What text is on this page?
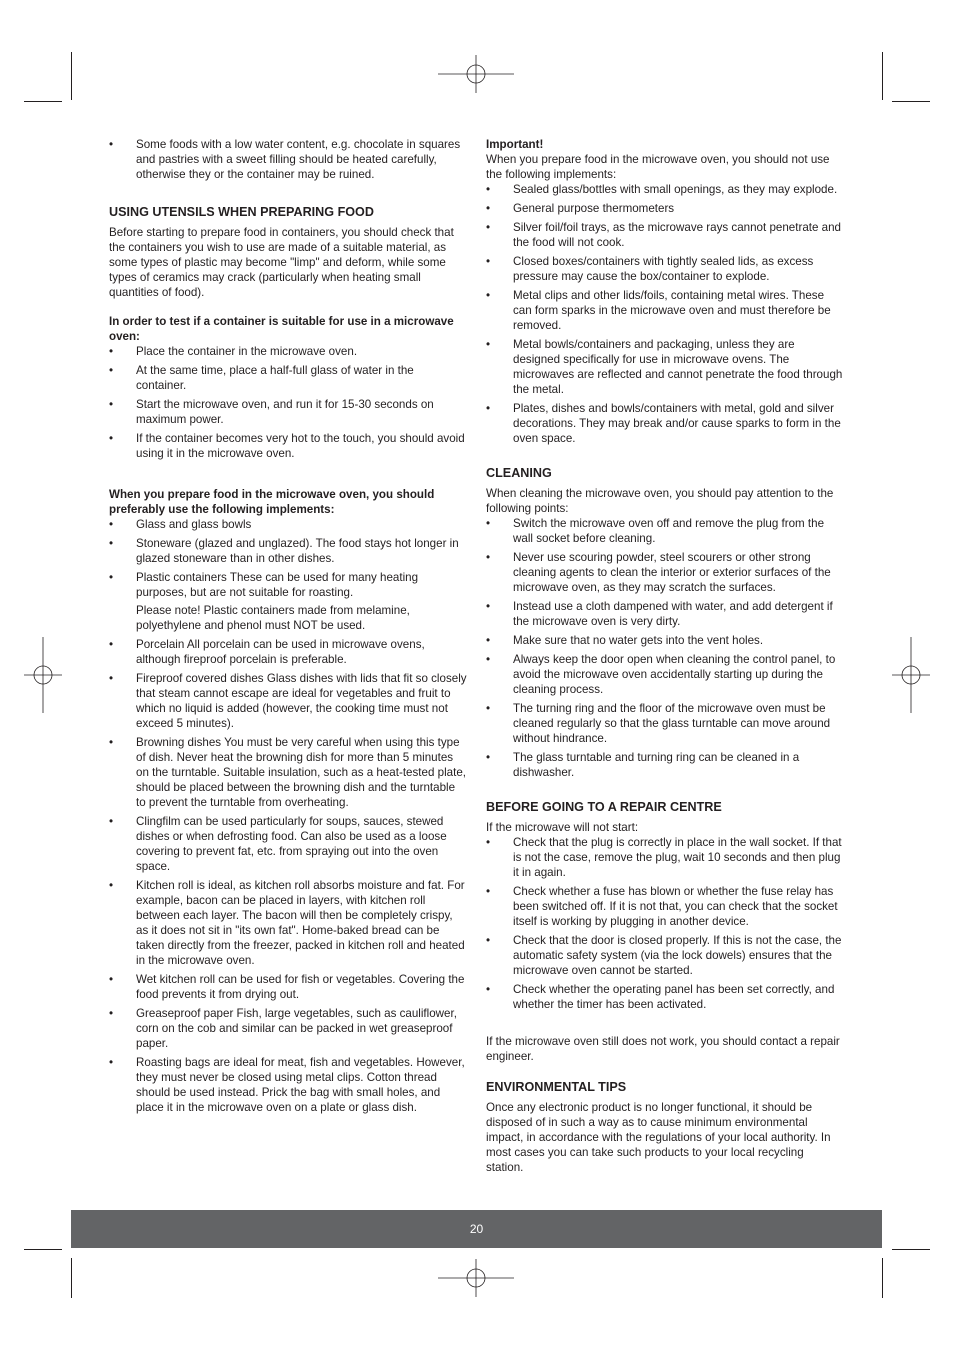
• Some foods with a low water content, e.g. chocolate in squares and pastries with a sweet filling should be heated carefully, otherwise they or the container may be ruined.
USING UTENSILS WHEN PREPARING FOOD

Before starting to prepare food in containers, you should check that the containers you wish to use are made of a suitable material, as some types of plastic may become "limp" and deform, while some types of ceramics may crack (particularly when heating small quantities of food).

In order to test if a container is suitable for use in a microwave oven:

• Place the container in the microwave oven.
• At the same time, place a half-full glass of water in the container.
• Start the microwave oven, and run it for 15-30 seconds on maximum power.
• If the container becomes very hot to the touch, you should avoid using it in the microwave oven.

When you prepare food in the microwave oven, you should preferably use the following implements:

• Glass and glass bowls
• Stoneware (glazed and unglazed). The food stays hot longer in glazed stoneware than in other dishes.
• Plastic containers These can be used for many heating purposes, but are not suitable for roasting.

Please note! Plastic containers made from melamine, polyethylene and phenol must NOT be used.

• Porcelain All porcelain can be used in microwave ovens, although fireproof porcelain is preferable.
• Fireproof covered dishes Glass dishes with lids that fit so closely that steam cannot escape are ideal for vegetables and fruit to which no liquid is added (however, the cooking time must not exceed 5 minutes).
• Browning dishes You must be very careful when using this type of dish. Never heat the browning dish for more than 5 minutes on the turntable. Suitable insulation, such as a heat-tested plate, should be placed between the browning dish and the turntable to prevent the turntable from overheating.
• Clingfilm can be used particularly for soups, sauces, stewed dishes or when defrosting food. Can also be used as a loose covering to prevent fat, etc. from spraying out into the oven space.
• Kitchen roll is ideal, as kitchen roll absorbs moisture and fat. For example, bacon can be placed in layers, with kitchen roll between each layer. The bacon will then be completely crispy, as it does not sit in "its own fat". Home-baked bread can be taken directly from the freezer, packed in kitchen roll and heated in the microwave oven.
• Wet kitchen roll can be used for fish or vegetables. Covering the food prevents it from drying out.
• Greaseproof paper Fish, large vegetables, such as cauliflower, corn on the cob and similar can be packed in wet greaseproof paper.
• Roasting bags are ideal for meat, fish and vegetables. However, they must never be closed using metal clips. Cotton thread should be used instead. Prick the bag with small holes, and place it in the microwave oven on a plate or glass dish.

Important!

When you prepare food in the microwave oven, you should not use the following implements:

• Sealed glass/bottles with small openings, as they may explode.
• General purpose thermometers
• Silver foil/foil trays, as the microwave rays cannot penetrate and the food will not cook.
• Closed boxes/containers with tightly sealed lids, as excess pressure may cause the box/container to explode.
• Metal clips and other lids/foils, containing metal wires. These can form sparks in the microwave oven and must therefore be removed.
• Metal bowls/containers and packaging, unless they are designed specifically for use in microwave ovens. The microwaves are reflected and cannot penetrate the food through the metal.
• Plates, dishes and bowls/containers with metal, gold and silver decorations. They may break and/or cause sparks to form in the oven space.
CLEANING

When cleaning the microwave oven, you should pay attention to the following points:

• Switch the microwave oven off and remove the plug from the wall socket before cleaning.
• Never use scouring powder, steel scourers or other strong cleaning agents to clean the interior or exterior surfaces of the microwave oven, as they may scratch the surfaces.
• Instead use a cloth dampened with water, and add detergent if the microwave oven is very dirty.
• Make sure that no water gets into the vent holes.
• Always keep the door open when cleaning the control panel, to avoid the microwave oven accidentally starting up during the cleaning process.
• The turning ring and the floor of the microwave oven must be cleaned regularly so that the glass turntable can move around without hindrance.
• The glass turntable and turning ring can be cleaned in a dishwasher.
BEFORE GOING TO A REPAIR CENTRE

If the microwave will not start:

• Check that the plug is correctly in place in the wall socket. If that is not the case, remove the plug, wait 10 seconds and then plug it in again.
• Check whether a fuse has blown or whether the fuse relay has been switched off. If it is not that, you can check that the socket itself is working by plugging in another device.
• Check that the door is closed properly. If this is not the case, the automatic safety system (via the lock dowels) ensures that the microwave oven cannot be started.
• Check whether the operating panel has been set correctly, and whether the timer has been activated.

If the microwave oven still does not work, you should contact a repair engineer.

ENVIRONMENTAL TIPS

Once any electronic product is no longer functional, it should be disposed of in such a way as to cause minimum environmental impact, in accordance with the regulations of your local authority. In most cases you can take such products to your local recycling station.

20
